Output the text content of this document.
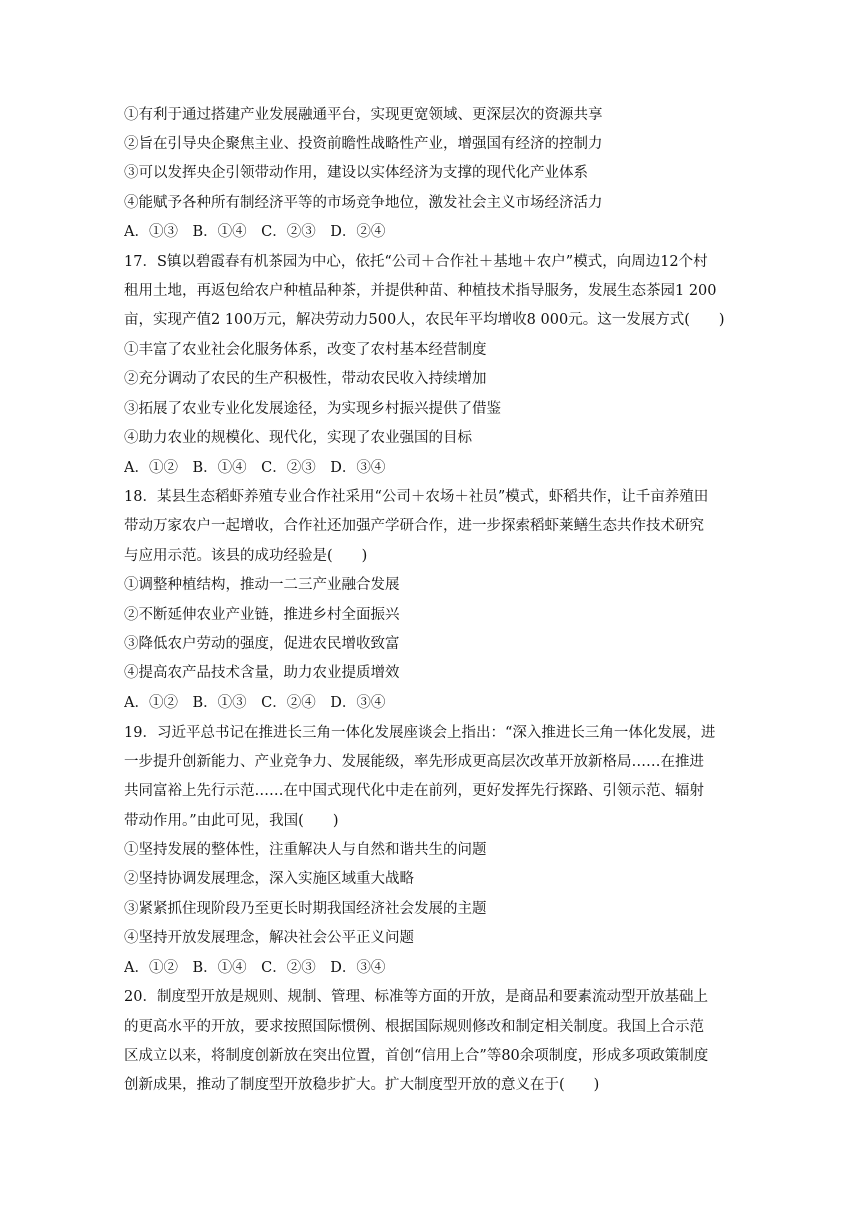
①有利于通过搭建产业发展融通平台，实现更宽领域、更深层次的资源共享
②旨在引导央企聚焦主业、投资前瞻性战略性产业，增强国有经济的控制力
③可以发挥央企引领带动作用，建设以实体经济为支撑的现代化产业体系
④能赋予各种所有制经济平等的市场竞争地位，激发社会主义市场经济活力
A．①③　B．①④　C．②③　D．②④
17．S镇以碧霞春有机茶园为中心，依托“公司＋合作社＋基地＋农户”模式，向周边12个村
租用土地，再返包给农户种植品种茶，并提供种苗、种植技术指导服务，发展生态茶园1 200
亩，实现产值2 100万元，解决劳动力500人，农民年平均增收8 000元。这一发展方式(　　)
①丰富了农业社会化服务体系，改变了农村基本经营制度
②充分调动了农民的生产积极性，带动农民收入持续增加
③拓展了农业专业化发展途径，为实现乡村振兴提供了借鉴
④助力农业的规模化、现代化，实现了农业强国的目标
A．①②　B．①④　C．②③　D．③④
18．某县生态稻虾养殖专业合作社采用“公司＋农场＋社员”模式，虾稻共作，让千亩养殖田
带动万家农户一起增收，合作社还加强产学研合作，进一步探索稻虾莱鳝生态共作技术研究
与应用示范。该县的成功经验是(　　)
①调整种植结构，推动一二三产业融合发展
②不断延伸农业产业链，推进乡村全面振兴
③降低农户劳动的强度，促进农民增收致富
④提高农产品技术含量，助力农业提质增效
A．①②　B．①③　C．②④　D．③④
19．习近平总书记在推进长三角一体化发展座谈会上指出：“深入推进长三角一体化发展，进
一步提升创新能力、产业竞争力、发展能级，率先形成更高层次改革开放新格局……在推进
共同富裕上先行示范……在中国式现代化中走在前列，更好发挥先行探路、引领示范、辐射
带动作用。”由此可见，我国(　　)
①坚持发展的整体性，注重解决人与自然和谐共生的问题
②坚持协调发展理念，深入实施区域重大战略
③紧紧抓住现阶段乃至更长时期我国经济社会发展的主题
④坚持开放发展理念，解决社会公平正义问题
A．①②　B．①④　C．②③　D．③④
20．制度型开放是规则、规制、管理、标准等方面的开放，是商品和要素流动型开放基础上
的更高水平的开放，要求按照国际惯例、根据国际规则修改和制定相关制度。我国上合示范
区成立以来，将制度创新放在突出位置，首创“信用上合”等80余项制度，形成多项政策制度
创新成果，推动了制度型开放稳步扩大。扩大制度型开放的意义在于(　　)
